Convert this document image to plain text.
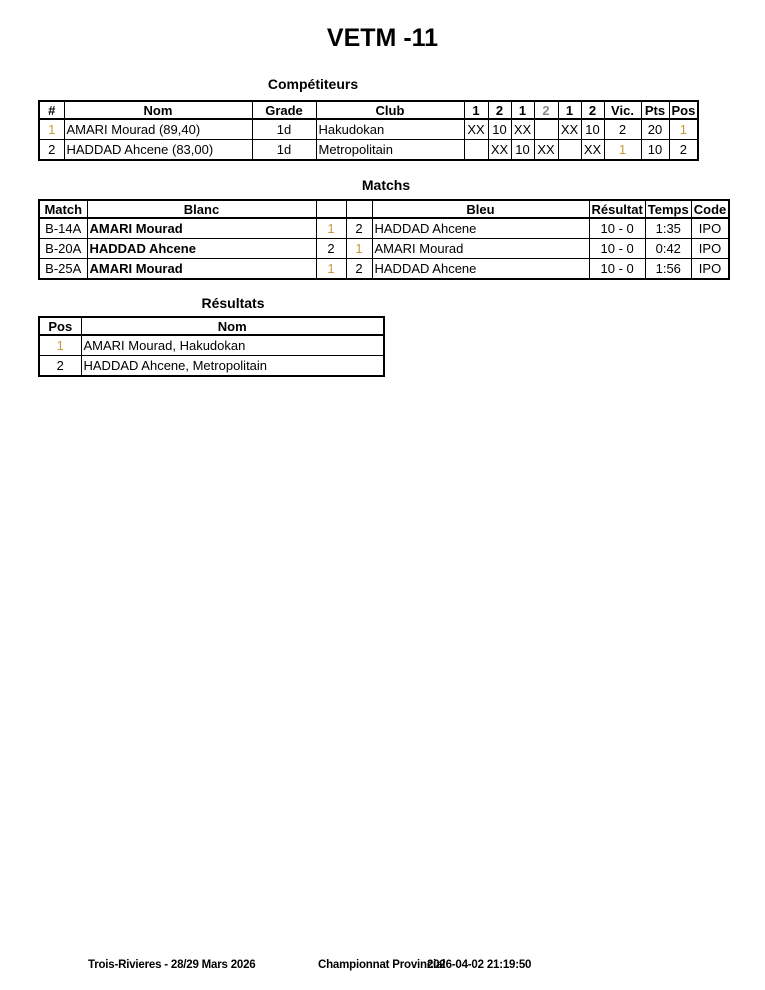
VETM -11
Compétiteurs
#	Nom	Grade	Club	1	2	1	2	1	2	Vic.	Pts	Pos
1	AMARI Mourad (89,40)	1d	Hakudokan	XX	10	XX		XX	10	2	20	1
2	HADDAD Ahcene (83,00)	1d	Metropolitain		XX	10	XX		XX	1	10	2
Matchs
Match	Blanc			Bleu	Résultat	Temps	Code
B-14A	AMARI Mourad	1	2	HADDAD Ahcene	10 - 0	1:35	IPO
B-20A	HADDAD Ahcene	2	1	AMARI Mourad	10 - 0	0:42	IPO
B-25A	AMARI Mourad	1	2	HADDAD Ahcene	10 - 0	1:56	IPO
Résultats
Pos	Nom
1	AMARI Mourad, Hakudokan
2	HADDAD Ahcene, Metropolitain
Trois-Rivieres - 28/29 Mars 2026	Championnat Provincial
2026-04-02 21:19:50
